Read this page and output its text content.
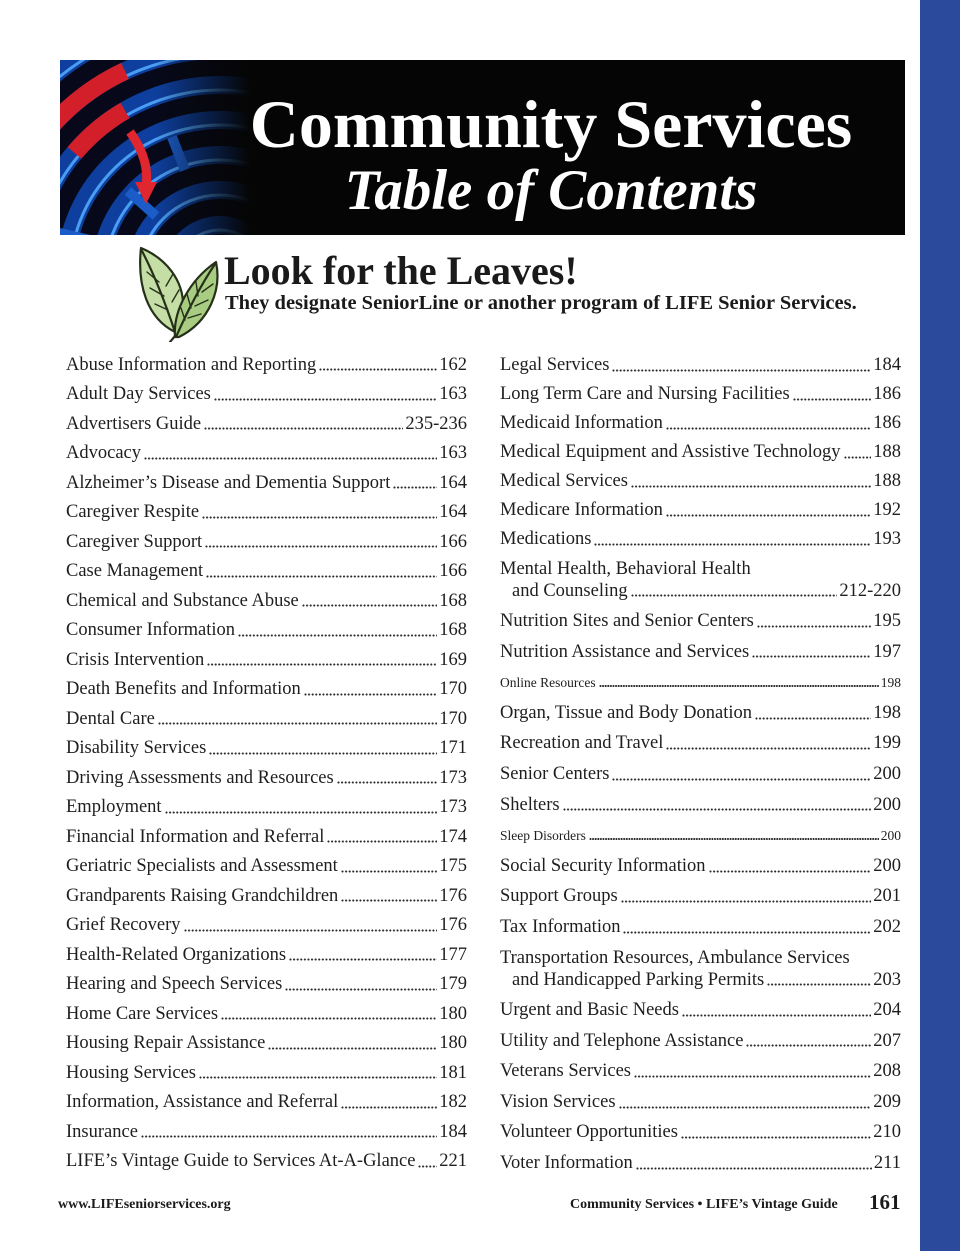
Community Services
Table of Contents
Look for the Leaves!
They designate SeniorLine or another program of LIFE Senior Services.
Abuse Information and Reporting	162
Adult Day Services	163
Advertisers Guide	235-236
Advocacy	163
Alzheimer’s Disease and Dementia Support	164
Caregiver Respite	164
Caregiver Support	166
Case Management	166
Chemical and Substance Abuse	168
Consumer Information	168
Crisis Intervention	169
Death Benefits and Information	170
Dental Care	170
Disability Services	171
Driving Assessments and Resources	173
Employment	173
Financial Information and Referral	174
Geriatric Specialists and Assessment	175
Grandparents Raising Grandchildren	176
Grief Recovery	176
Health-Related Organizations	177
Hearing and Speech Services	179
Home Care Services	180
Housing Repair Assistance	180
Housing Services	181
Information, Assistance and Referral	182
Insurance	184
LIFE’s Vintage Guide to Services At-A-Glance 221
Legal Services	184
Long Term Care and Nursing Facilities	186
Medicaid Information	186
Medical Equipment and Assistive Technology 188
Medical Services	188
Medicare Information	192
Medications	193
Mental Health, Behavioral Health
and Counseling	212-220
Nutrition Sites and Senior Centers	195
Nutrition Assistance and Services	197
Online Resources	198
Organ, Tissue and Body Donation	198
Recreation and Travel	199
Senior Centers	200
Shelters	200
Sleep Disorders	200
Social Security Information	200
Support Groups	201
Tax Information	202
Transportation Resources, Ambulance Services
and Handicapped Parking Permits	203
Urgent and Basic Needs	204
Utility and Telephone Assistance	207
Veterans Services	208
Vision Services	209
Volunteer Opportunities	210
Voter Information	211
www.LIFEseniorservices.org	Community Services • LIFE’s Vintage Guide 161
